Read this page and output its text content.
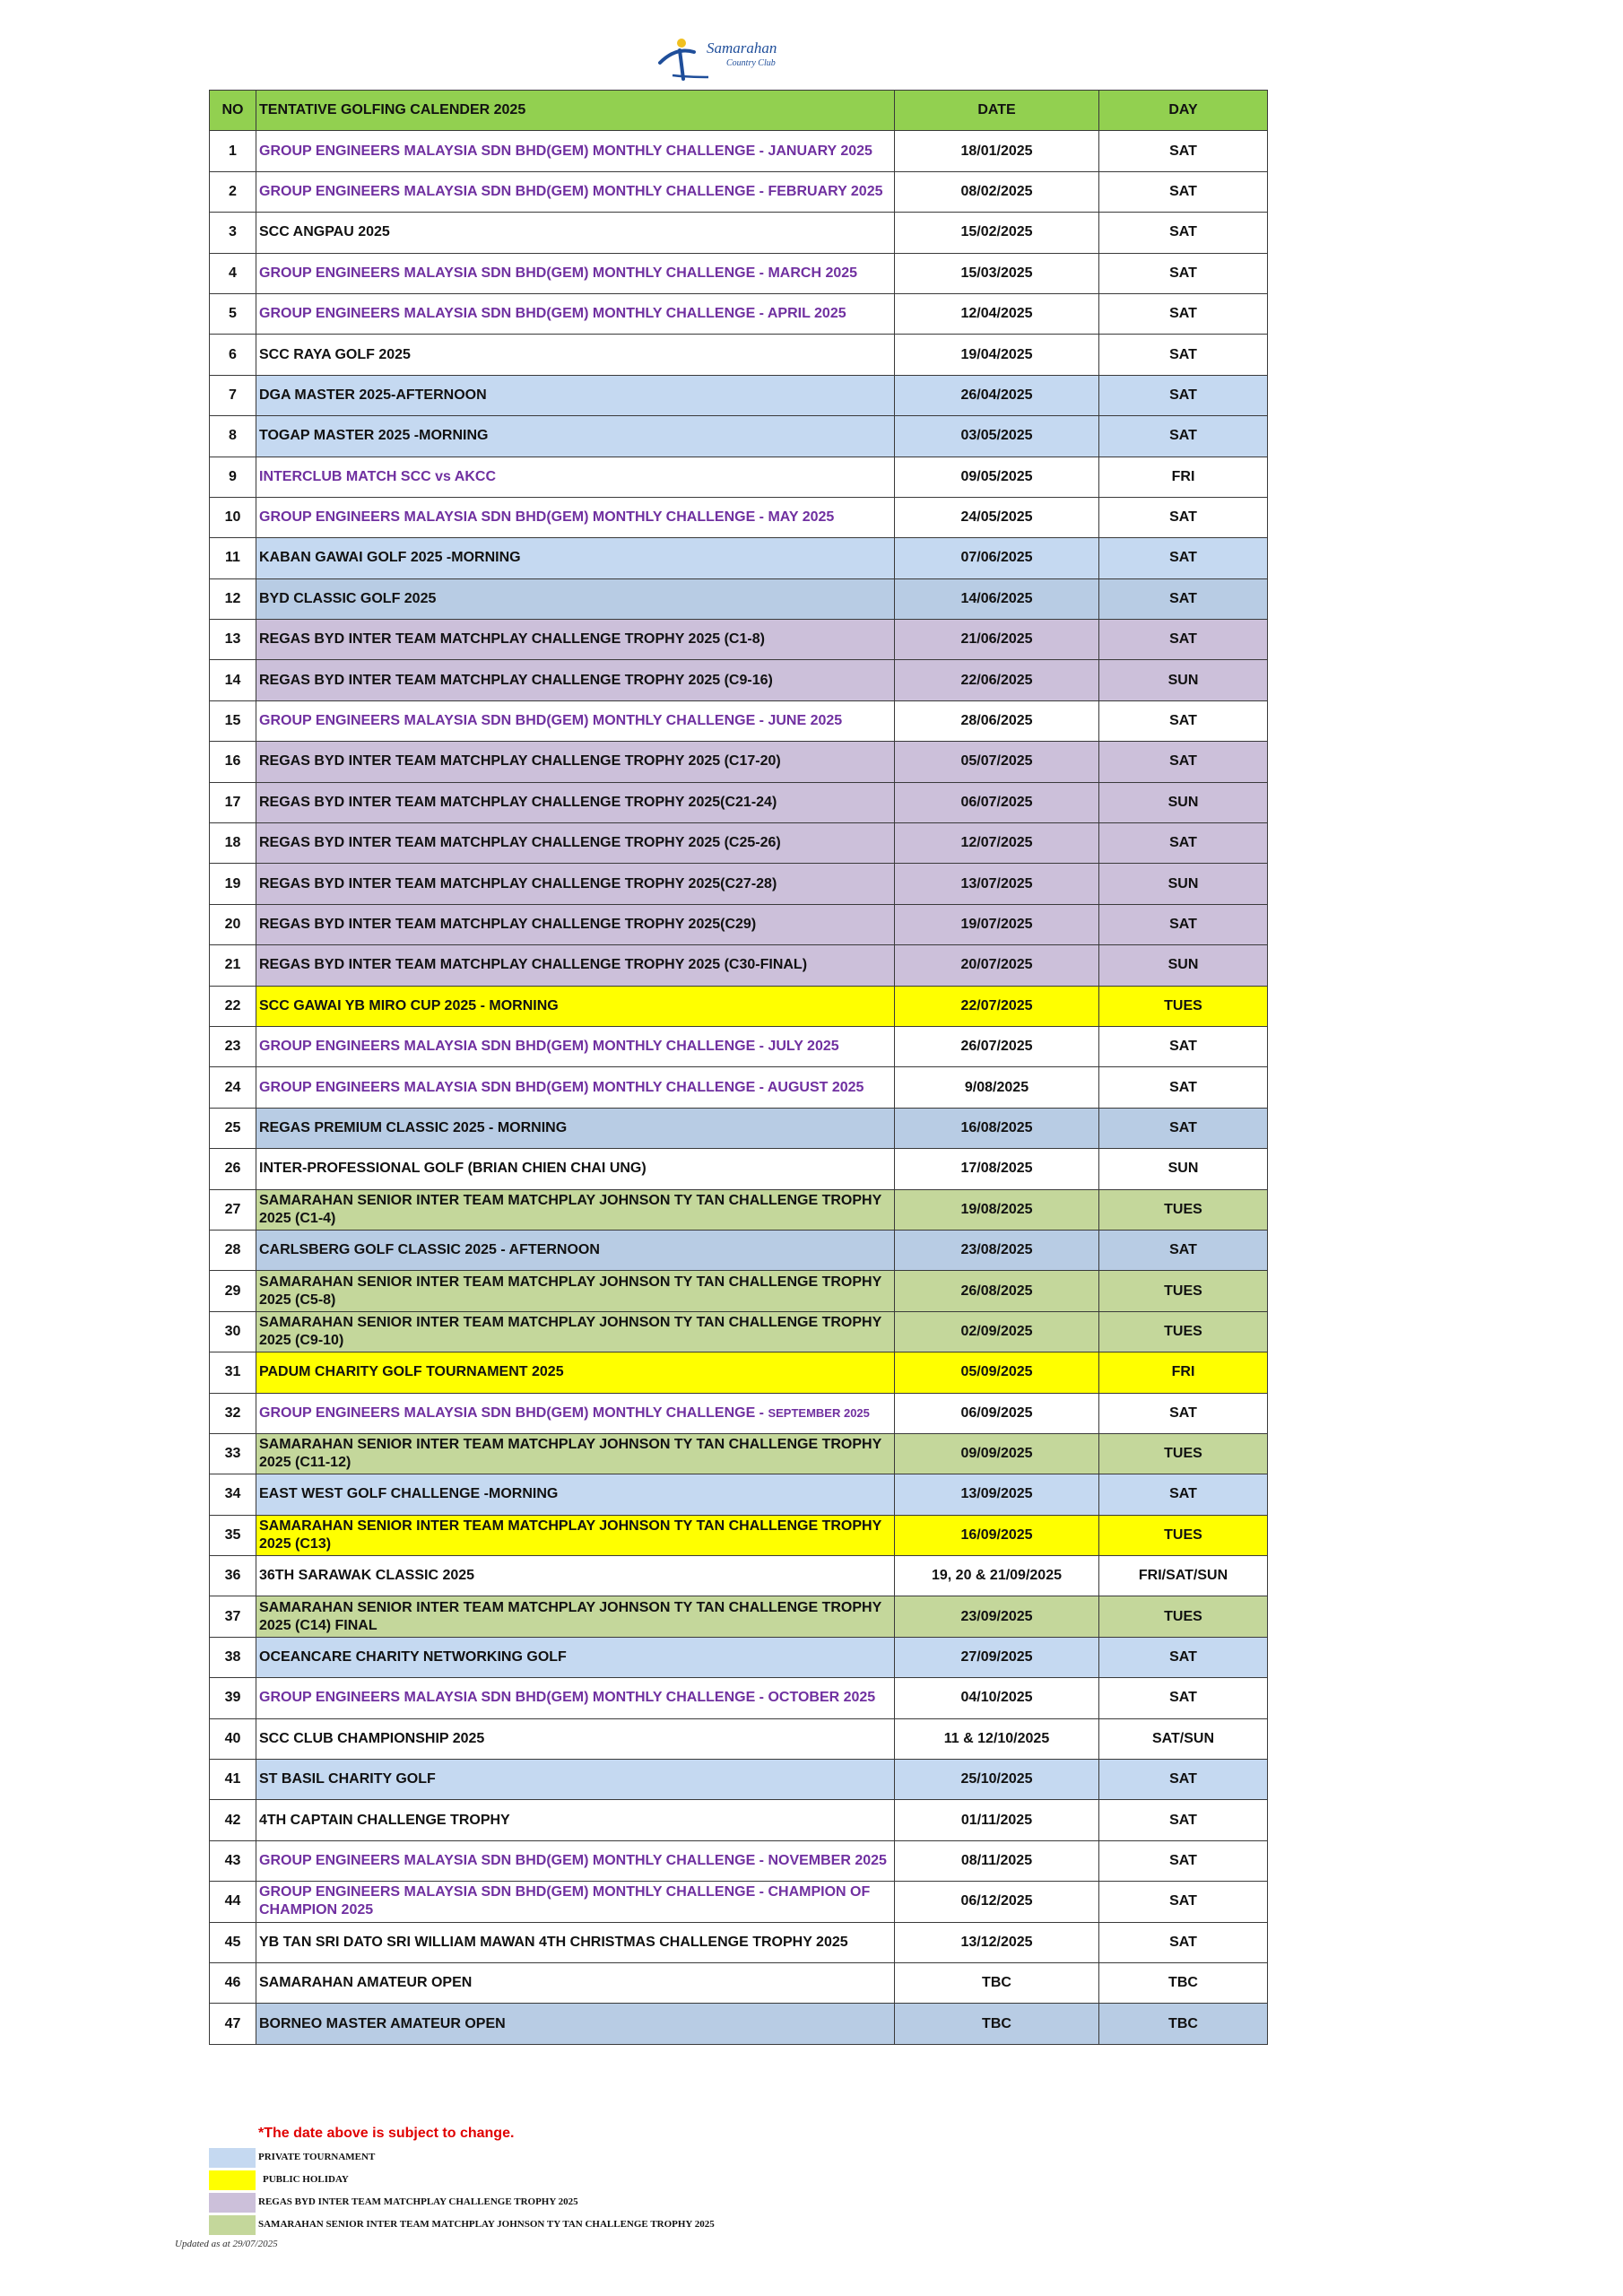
Samarahan
Country Club
NO	TENTATIVE GOLFING CALENDER 2025	DATE	DAY
1	GROUP ENGINEERS MALAYSIA SDN BHD(GEM) MONTHLY CHALLENGE - JANUARY 2025	18/01/2025	SAT
2	GROUP ENGINEERS MALAYSIA SDN BHD(GEM) MONTHLY CHALLENGE - FEBRUARY 2025	08/02/2025	SAT
3	SCC ANGPAU 2025	15/02/2025	SAT
4	GROUP ENGINEERS MALAYSIA SDN BHD(GEM) MONTHLY CHALLENGE - MARCH 2025	15/03/2025	SAT
5	GROUP ENGINEERS MALAYSIA SDN BHD(GEM) MONTHLY CHALLENGE - APRIL 2025	12/04/2025	SAT
6	SCC RAYA GOLF 2025	19/04/2025	SAT
7	DGA MASTER 2025-AFTERNOON	26/04/2025	SAT
8	TOGAP MASTER 2025 -MORNING	03/05/2025	SAT
9	INTERCLUB MATCH SCC vs AKCC	09/05/2025	FRI
10	GROUP ENGINEERS MALAYSIA SDN BHD(GEM) MONTHLY CHALLENGE - MAY 2025	24/05/2025	SAT
11	KABAN GAWAI GOLF 2025 -MORNING	07/06/2025	SAT
12	BYD CLASSIC GOLF 2025	14/06/2025	SAT
13	REGAS BYD INTER TEAM MATCHPLAY CHALLENGE TROPHY 2025 (C1-8)	21/06/2025	SAT
14	REGAS BYD INTER TEAM MATCHPLAY CHALLENGE TROPHY 2025 (C9-16)	22/06/2025	SUN
15	GROUP ENGINEERS MALAYSIA SDN BHD(GEM) MONTHLY CHALLENGE - JUNE 2025	28/06/2025	SAT
16	REGAS BYD INTER TEAM MATCHPLAY CHALLENGE TROPHY 2025 (C17-20)	05/07/2025	SAT
17	REGAS BYD INTER TEAM MATCHPLAY CHALLENGE TROPHY 2025(C21-24)	06/07/2025	SUN
18	REGAS BYD INTER TEAM MATCHPLAY CHALLENGE TROPHY 2025 (C25-26)	12/07/2025	SAT
19	REGAS BYD INTER TEAM MATCHPLAY CHALLENGE TROPHY 2025(C27-28)	13/07/2025	SUN
20	REGAS BYD INTER TEAM MATCHPLAY CHALLENGE TROPHY 2025(C29)	19/07/2025	SAT
21	REGAS BYD INTER TEAM MATCHPLAY CHALLENGE TROPHY 2025 (C30-FINAL)	20/07/2025	SUN
22	SCC GAWAI YB MIRO CUP 2025 - MORNING	22/07/2025	TUES
23	GROUP ENGINEERS MALAYSIA SDN BHD(GEM) MONTHLY CHALLENGE - JULY 2025	26/07/2025	SAT
24	GROUP ENGINEERS MALAYSIA SDN BHD(GEM) MONTHLY CHALLENGE - AUGUST 2025	9/08/2025	SAT
25	REGAS PREMIUM CLASSIC 2025 - MORNING	16/08/2025	SAT
26	INTER-PROFESSIONAL GOLF (BRIAN CHIEN CHAI UNG)	17/08/2025	SUN
27	SAMARAHAN SENIOR INTER TEAM MATCHPLAY JOHNSON TY TAN CHALLENGE TROPHY 2025 (C1-4)	19/08/2025	TUES
28	CARLSBERG GOLF CLASSIC 2025 - AFTERNOON	23/08/2025	SAT
29	SAMARAHAN SENIOR INTER TEAM MATCHPLAY JOHNSON TY TAN CHALLENGE TROPHY 2025 (C5-8)	26/08/2025	TUES
30	SAMARAHAN SENIOR INTER TEAM MATCHPLAY JOHNSON TY TAN CHALLENGE TROPHY 2025 (C9-10)	02/09/2025	TUES
31	PADUM CHARITY GOLF TOURNAMENT 2025	05/09/2025	FRI
32	GROUP ENGINEERS MALAYSIA SDN BHD(GEM) MONTHLY CHALLENGE - SEPTEMBER 2025	06/09/2025	SAT
33	SAMARAHAN SENIOR INTER TEAM MATCHPLAY JOHNSON TY TAN CHALLENGE TROPHY 2025 (C11-12)	09/09/2025	TUES
34	EAST WEST GOLF CHALLENGE -MORNING	13/09/2025	SAT
35	SAMARAHAN SENIOR INTER TEAM MATCHPLAY JOHNSON TY TAN CHALLENGE TROPHY 2025 (C13)	16/09/2025	TUES
36	36TH SARAWAK CLASSIC 2025	19, 20 & 21/09/2025	FRI/SAT/SUN
37	SAMARAHAN SENIOR INTER TEAM MATCHPLAY JOHNSON TY TAN CHALLENGE TROPHY 2025 (C14) FINAL	23/09/2025	TUES
38	OCEANCARE CHARITY NETWORKING GOLF	27/09/2025	SAT
39	GROUP ENGINEERS MALAYSIA SDN BHD(GEM) MONTHLY CHALLENGE - OCTOBER 2025	04/10/2025	SAT
40	SCC CLUB CHAMPIONSHIP 2025	11 & 12/10/2025	SAT/SUN
41	ST BASIL CHARITY GOLF	25/10/2025	SAT
42	4TH CAPTAIN CHALLENGE TROPHY	01/11/2025	SAT
43	GROUP ENGINEERS MALAYSIA SDN BHD(GEM) MONTHLY CHALLENGE - NOVEMBER 2025	08/11/2025	SAT
44	GROUP ENGINEERS MALAYSIA SDN BHD(GEM) MONTHLY CHALLENGE - CHAMPION OF CHAMPION 2025	06/12/2025	SAT
45	YB TAN SRI DATO SRI WILLIAM MAWAN 4TH CHRISTMAS CHALLENGE TROPHY 2025	13/12/2025	SAT
46	SAMARAHAN AMATEUR OPEN	TBC	TBC
47	BORNEO MASTER AMATEUR OPEN	TBC	TBC
*The date above is subject to change.
PRIVATE TOURNAMENT
PUBLIC HOLIDAY
REGAS BYD INTER TEAM MATCHPLAY CHALLENGE TROPHY 2025
SAMARAHAN SENIOR INTER TEAM MATCHPLAY JOHNSON TY TAN CHALLENGE TROPHY 2025
Updated as at 29/07/2025
